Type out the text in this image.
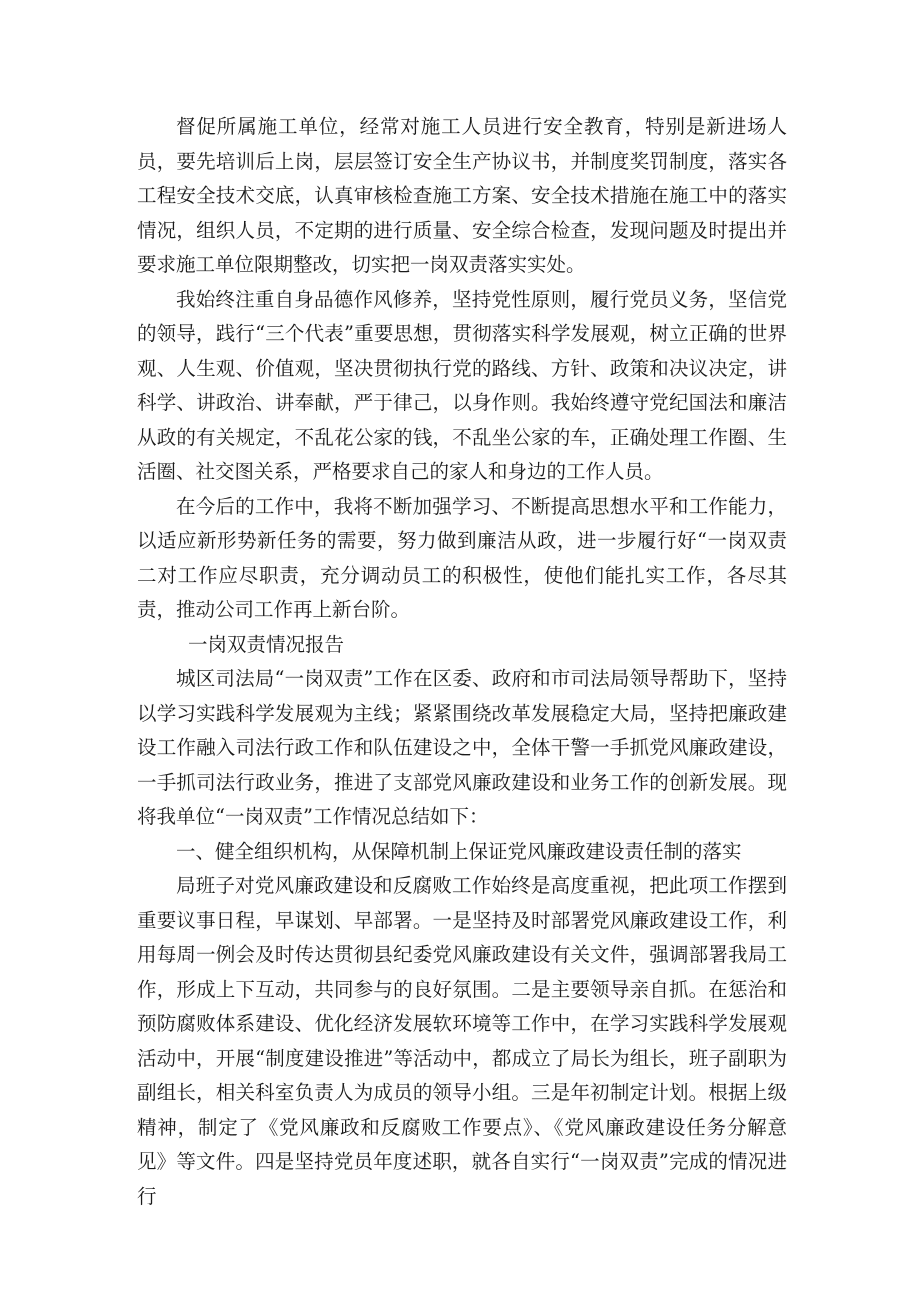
督促所属施工单位，经常对施工人员进行安全教育，特别是新进场人员，要先培训后上岗，层层签订安全生产协议书，并制度奖罚制度，落实各工程安全技术交底，认真审核检查施工方案、安全技术措施在施工中的落实情况，组织人员，不定期的进行质量、安全综合检查，发现问题及时提出并要求施工单位限期整改，切实把一岗双责落实实处。

我始终注重自身品德作风修养，坚持党性原则，履行党员义务，坚信党的领导，践行“三个代表”重要思想，贯彻落实科学发展观，树立正确的世界观、人生观、价值观，坚决贯彻执行党的路线、方针、政策和决议决定，讲科学、讲政治、讲奉献，严于律己，以身作则。我始终遵守党纪国法和廉洁从政的有关规定，不乱花公家的钱，不乱坐公家的车，正确处理工作圈、生活圈、社交图关系，严格要求自己的家人和身边的工作人员。

在今后的工作中，我将不断加强学习、不断提高思想水平和工作能力，以适应新形势新任务的需要，努力做到廉洁从政，进一步履行好“一岗双责二对工作应尽职责，充分调动员工的积极性，使他们能扎实工作，各尽其责，推动公司工作再上新台阶。

一岗双责情况报告

城区司法局“一岗双责”工作在区委、政府和市司法局领导帮助下，坚持以学习实践科学发展观为主线；紧紧围绕改革发展稳定大局，坚持把廉政建设工作融入司法行政工作和队伍建设之中，全体干警一手抓党风廉政建设，一手抓司法行政业务，推进了支部党风廉政建设和业务工作的创新发展。现将我单位“一岗双责”工作情况总结如下：

一、健全组织机构，从保障机制上保证党风廉政建设责任制的落实

局班子对党风廉政建设和反腐败工作始终是高度重视，把此项工作摆到重要议事日程，早谋划、早部署。一是坚持及时部署党风廉政建设工作，利用每周一例会及时传达贯彻县纪委党风廉政建设有关文件，强调部署我局工作，形成上下互动，共同参与的良好氛围。二是主要领导亲自抓。在惩治和预防腐败体系建设、优化经济发展软环境等工作中，在学习实践科学发展观活动中，开展“制度建设推进”等活动中，都成立了局长为组长，班子副职为副组长，相关科室负责人为成员的领导小组。三是年初制定计划。根据上级精神，制定了《党风廉政和反腐败工作要点》、《党风廉政建设任务分解意见》等文件。四是坚持党员年度述职，就各自实行“一岗双责”完成的情况进行
